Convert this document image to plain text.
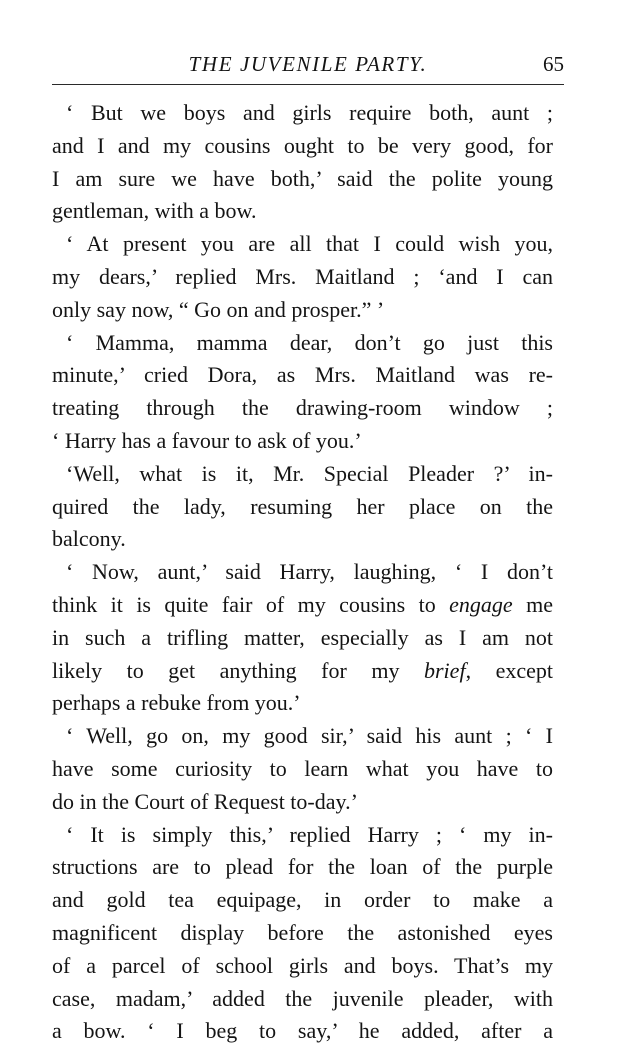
THE JUVENILE PARTY.	65
‘ But we boys and girls require both, aunt ;
and I and my cousins ought to be very good, for
I am sure we have both,’ said the polite young
gentleman, with a bow.
‘ At present you are all that I could wish you,
my dears,’ replied Mrs. Maitland ; ‘and I can
only say now, “ Go on and prosper.” ’
‘ Mamma, mamma dear, don’t go just this
minute,’ cried Dora, as Mrs. Maitland was re-
treating through the drawing-room window ;
‘ Harry has a favour to ask of you.’
‘Well, what is it, Mr. Special Pleader ?’ in-
quired the lady, resuming her place on the
balcony.
‘ Now, aunt,’ said Harry, laughing, ‘ I don’t
think it is quite fair of my cousins to engage me
in such a trifling matter, especially as I am not
likely to get anything for my brief, except
perhaps a rebuke from you.’
‘ Well, go on, my good sir,’ said his aunt ; ‘ I
have some curiosity to learn what you have to
do in the Court of Request to-day.’
‘ It is simply this,’ replied Harry ; ‘ my in-
structions are to plead for the loan of the purple
and gold tea equipage, in order to make a
magnificent display before the astonished eyes
of a parcel of school girls and boys. That’s my
case, madam,’ added the juvenile pleader, with
a bow. ‘ I beg to say,’ he added, after a
